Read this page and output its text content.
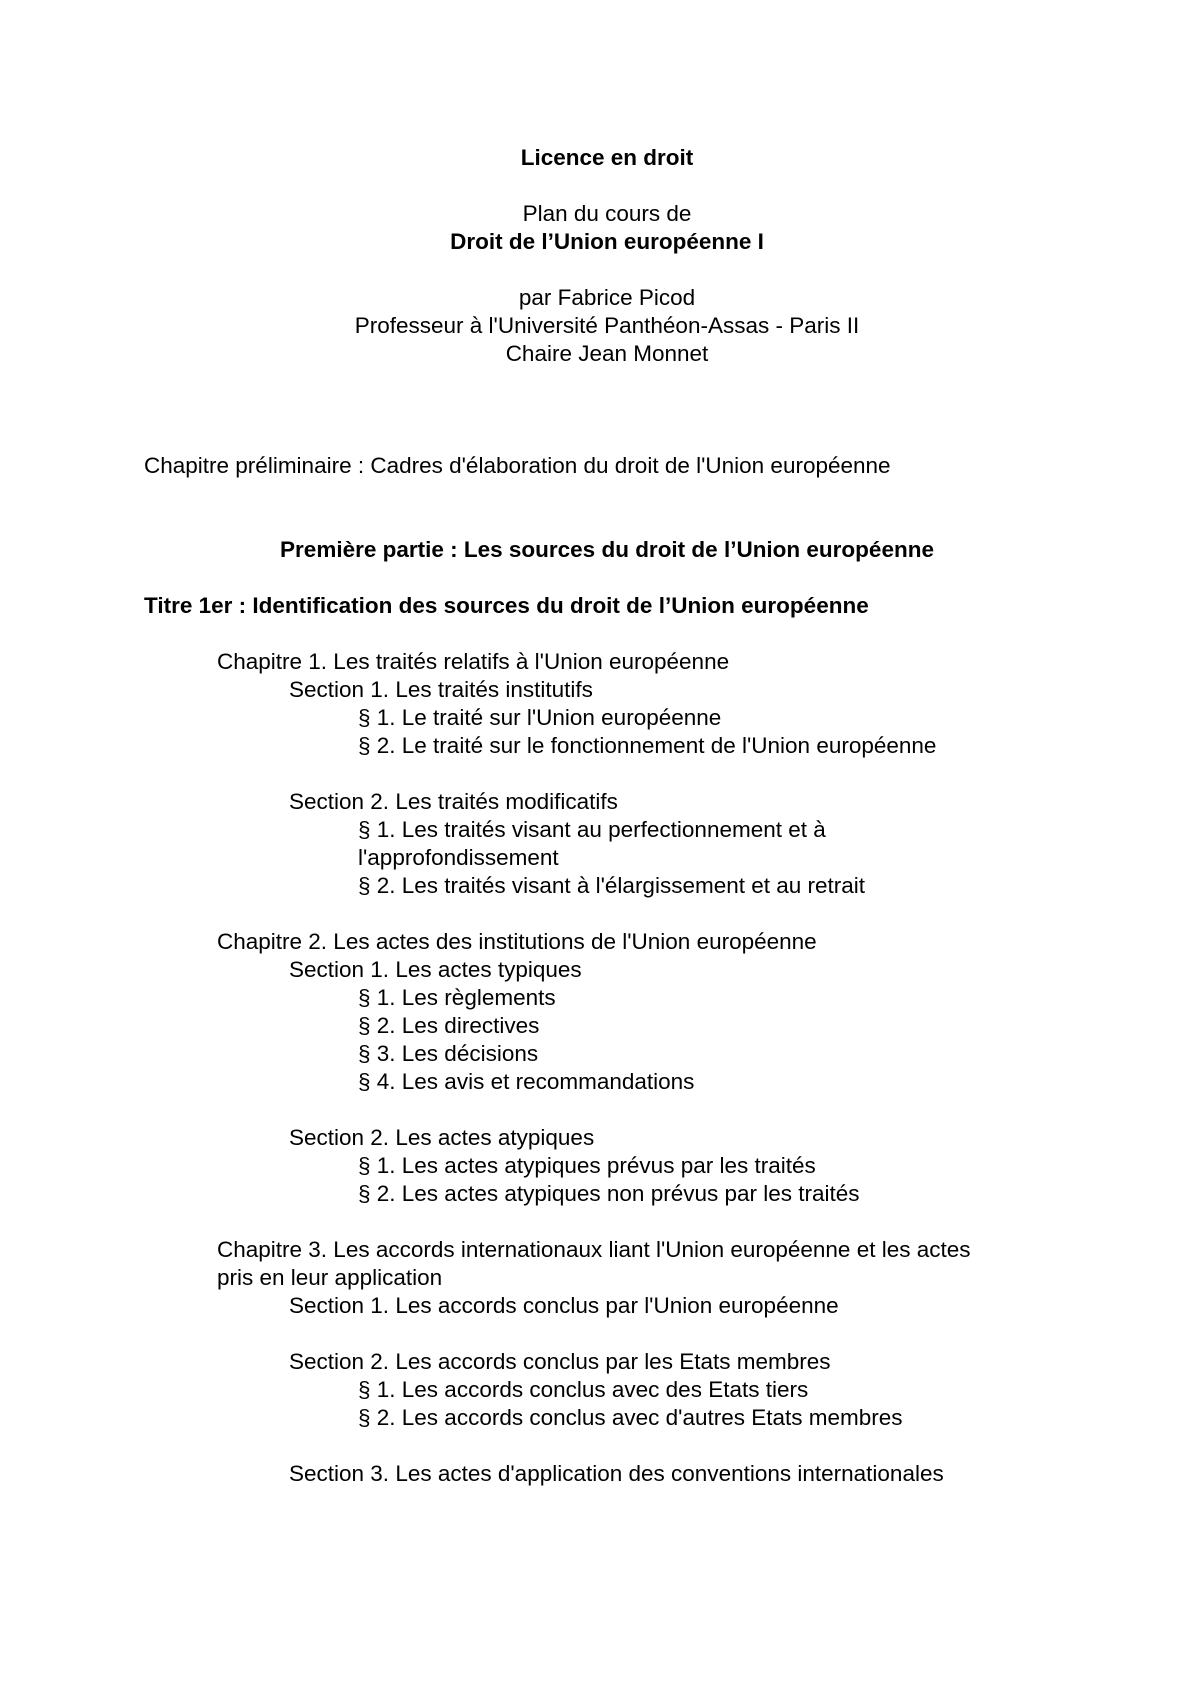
Licence en droit
Plan du cours de
Droit de l’Union européenne I
par Fabrice Picod
Professeur à l'Université Panthéon-Assas - Paris II
Chaire Jean Monnet
Chapitre préliminaire : Cadres d'élaboration du droit de l'Union européenne
Première partie : Les sources du droit de l’Union européenne
Titre 1er : Identification des sources du droit de l’Union européenne
Chapitre 1. Les traités relatifs à l'Union européenne
Section 1. Les traités institutifs
§ 1. Le traité sur l'Union européenne
§ 2. Le traité sur le fonctionnement de l'Union européenne
Section 2. Les traités modificatifs
§ 1. Les traités visant au perfectionnement et à
l'approfondissement
§ 2. Les traités visant à l'élargissement et au retrait
Chapitre 2. Les actes des institutions de l'Union européenne
Section 1. Les actes typiques
§ 1. Les règlements
§ 2. Les directives
§ 3. Les décisions
§ 4. Les avis et recommandations
Section 2. Les actes atypiques
§ 1. Les actes atypiques prévus par les traités
§ 2. Les actes atypiques non prévus par les traités
Chapitre 3. Les accords internationaux liant l'Union européenne et les actes
pris en leur application
Section 1. Les accords conclus par l'Union européenne
Section 2. Les accords conclus par les Etats membres
§ 1. Les accords conclus avec des Etats tiers
§ 2. Les accords conclus avec d'autres Etats membres
Section 3. Les actes d'application des conventions internationales
